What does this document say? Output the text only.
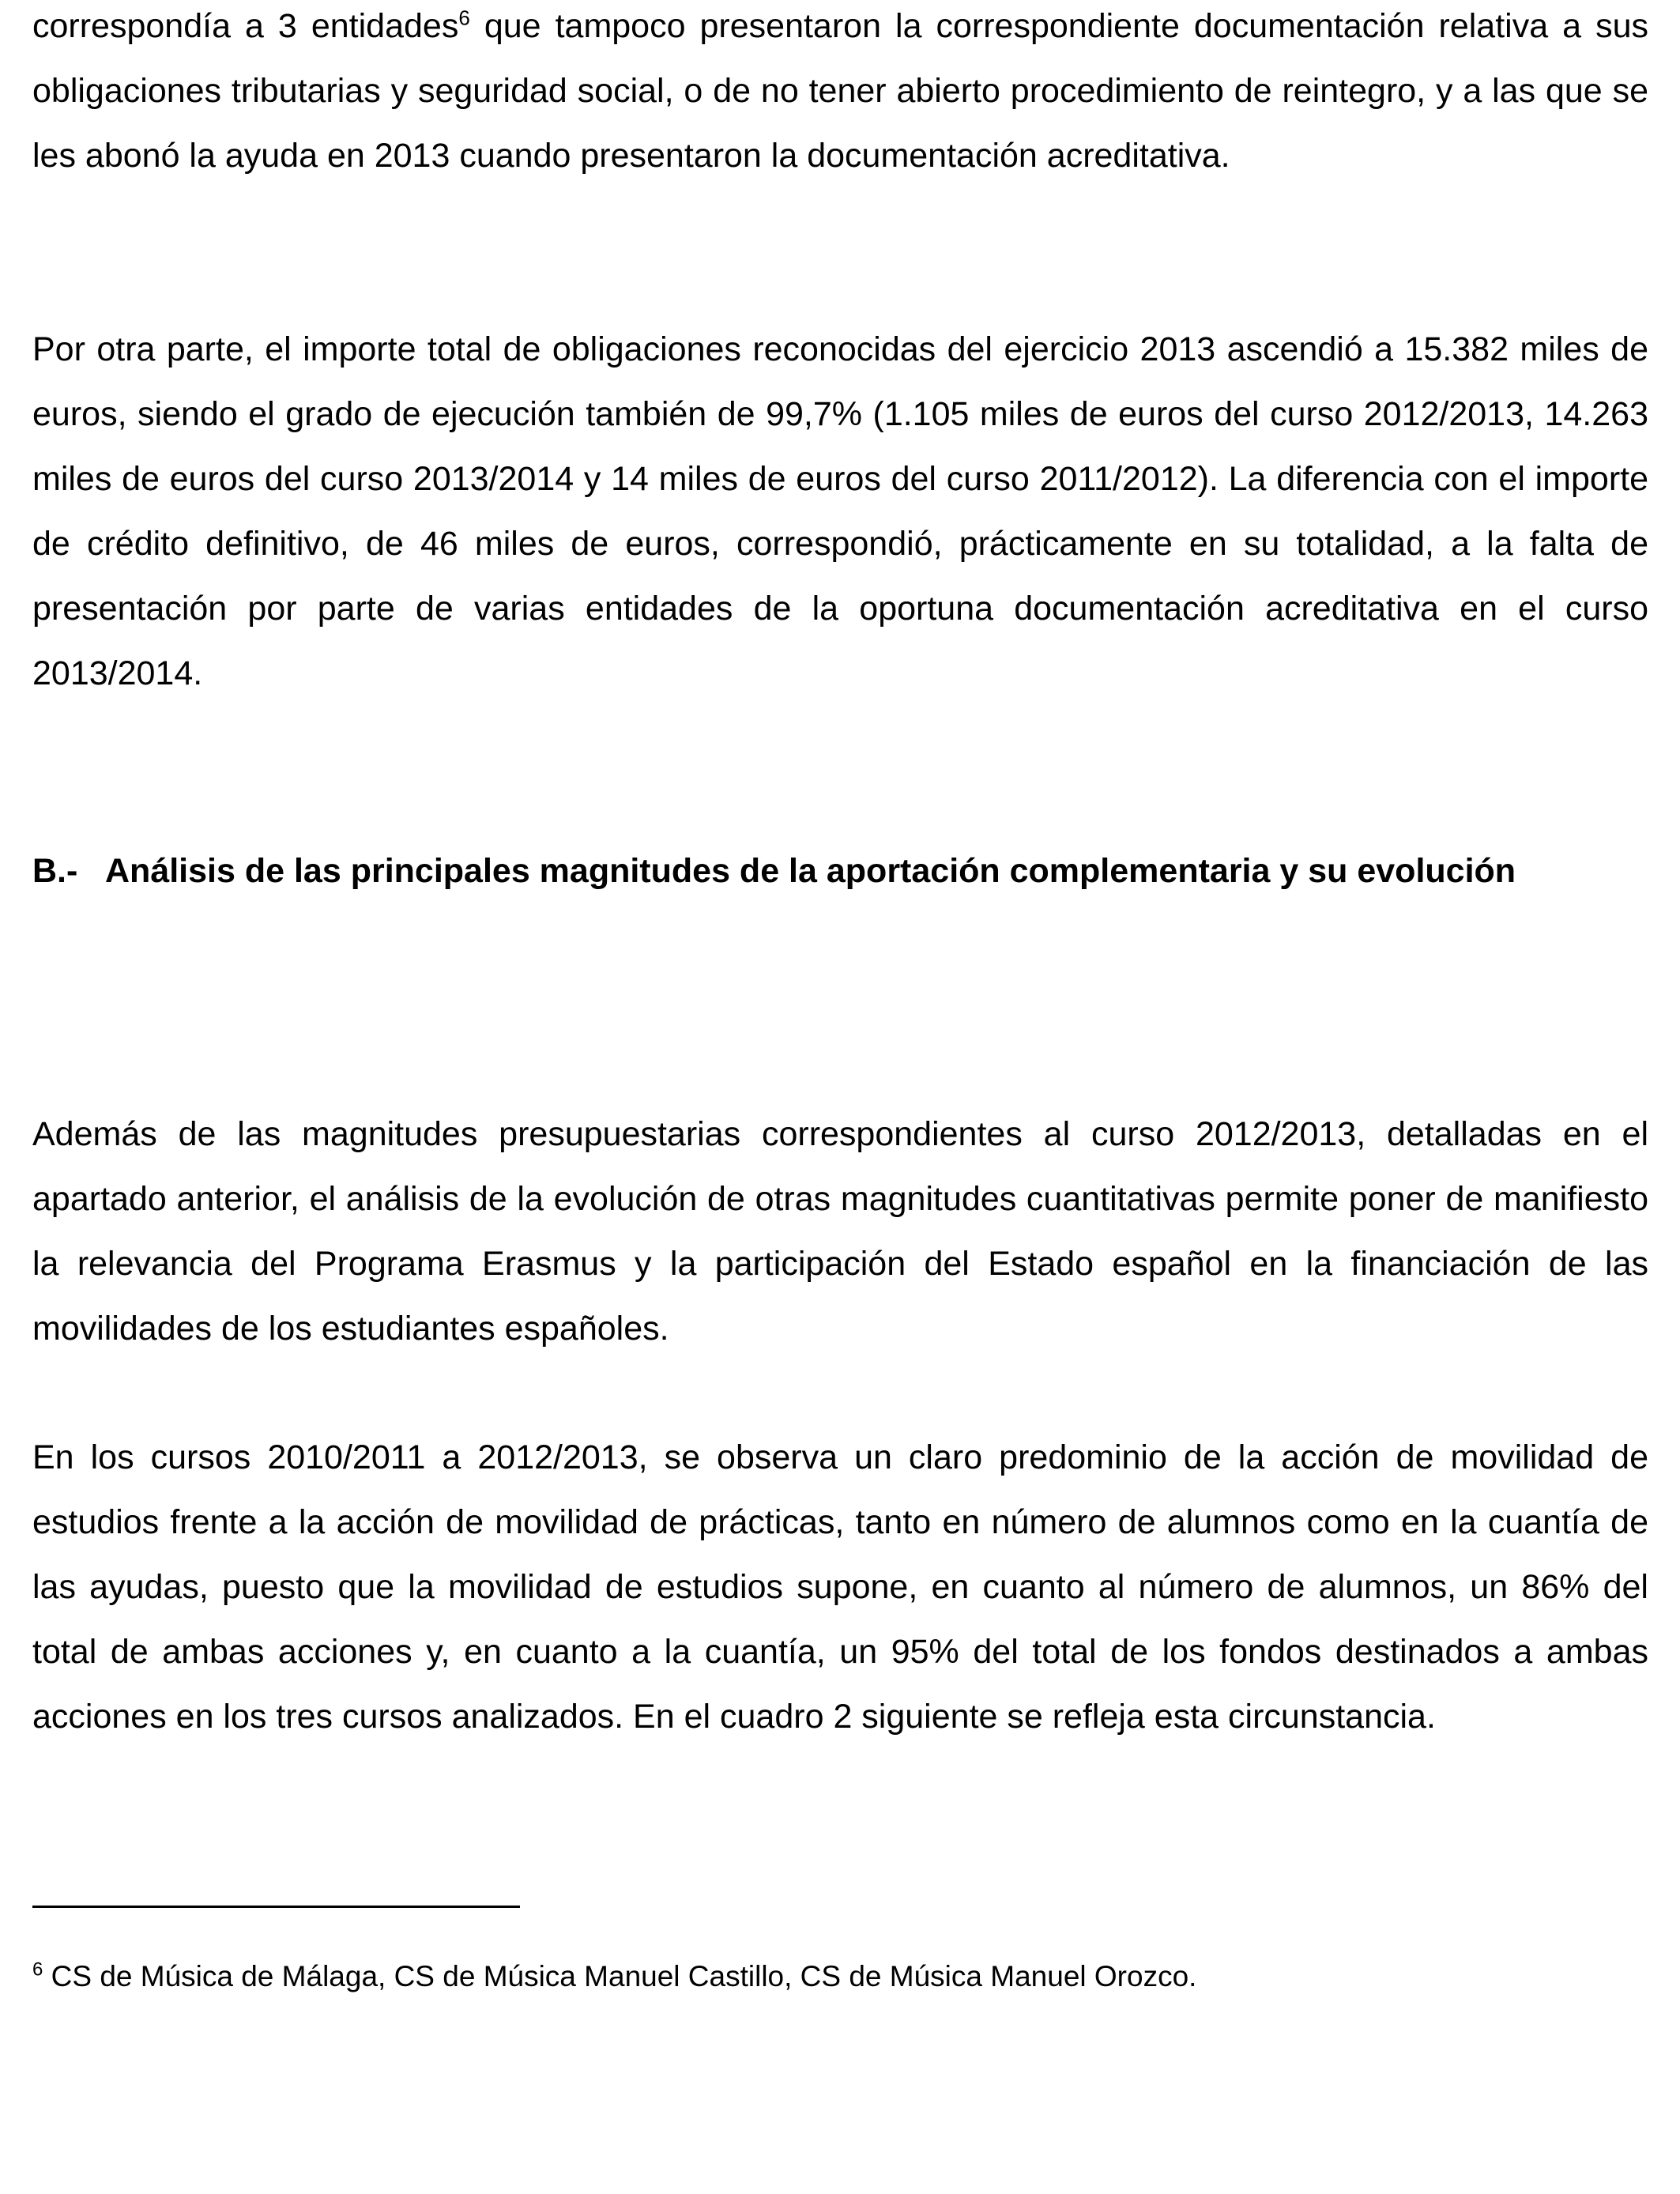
correspondía a 3 entidades$^6$ que tampoco presentaron la correspondiente documentación relativa a sus obligaciones tributarias y seguridad social, o de no tener abierto procedimiento de reintegro, y a las que se les abonó la ayuda en 2013 cuando presentaron la documentación acreditativa.

Por otra parte, el importe total de obligaciones reconocidas del ejercicio 2013 ascendió a 15.382 miles de euros, siendo el grado de ejecución también de 99,7% (1.105 miles de euros del curso 2012/2013, 14.263 miles de euros del curso 2013/2014 y 14 miles de euros del curso 2011/2012). La diferencia con el importe de crédito definitivo, de 46 miles de euros, correspondió, prácticamente en su totalidad, a la falta de presentación por parte de varias entidades de la oportuna documentación acreditativa en el curso 2013/2014.

B.- Análisis de las principales magnitudes de la aportación complementaria y su evolución

Además de las magnitudes presupuestarias correspondientes al curso 2012/2013, detalladas en el apartado anterior, el análisis de la evolución de otras magnitudes cuantitativas permite poner de manifiesto la relevancia del Programa Erasmus y la participación del Estado español en la financiación de las movilidades de los estudiantes españoles.

En los cursos 2010/2011 a 2012/2013, se observa un claro predominio de la acción de movilidad de estudios frente a la acción de movilidad de prácticas, tanto en número de alumnos como en la cuantía de las ayudas, puesto que la movilidad de estudios supone, en cuanto al número de alumnos, un 86% del total de ambas acciones y, en cuanto a la cuantía, un 95% del total de los fondos destinados a ambas acciones en los tres cursos analizados. En el cuadro 2 siguiente se refleja esta circunstancia.

$^6$ CS de Música de Málaga, CS de Música Manuel Castillo, CS de Música Manuel Orozco.
